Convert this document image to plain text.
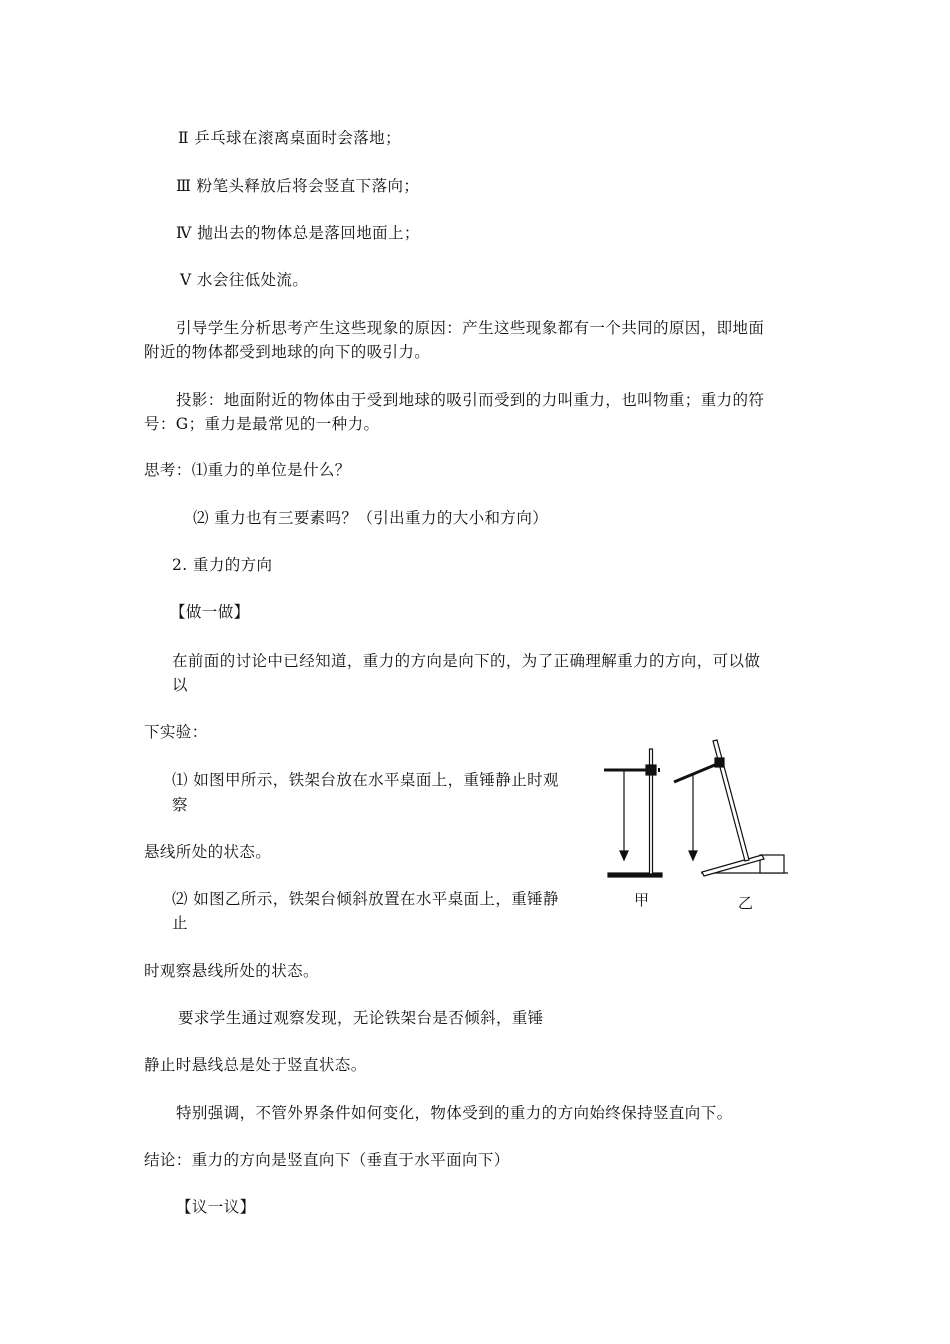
Ⅱ 乒乓球在滚离桌面时会落地；
Ⅲ 粉笔头释放后将会竖直下落向；
Ⅳ 抛出去的物体总是落回地面上；
Ⅴ 水会往低处流。
引导学生分析思考产生这些现象的原因：产生这些现象都有一个共同的原因，即地面
附近的物体都受到地球的向下的吸引力。
投影：地面附近的物体由于受到地球的吸引而受到的力叫重力，也叫物重；重力的符
号：G；重力是最常见的一种力。
思考：⑴重力的单位是什么？
⑵ 重力也有三要素吗？（引出重力的大小和方向）
2. 重力的方向
【做一做】
在前面的讨论中已经知道，重力的方向是向下的，为了正确理解重力的方向，可以做
以
下实验：
⑴ 如图甲所示，铁架台放在水平桌面上，重锤静止时观
察
悬线所处的状态。
⑵ 如图乙所示，铁架台倾斜放置在水平桌面上，重锤静
止
时观察悬线所处的状态。
要求学生通过观察发现，无论铁架台是否倾斜，重锤
静止时悬线总是处于竖直状态。
特别强调，不管外界条件如何变化，物体受到的重力的方向始终保持竖直向下。
结论：重力的方向是竖直向下（垂直于水平面向下）
【议一议】
甲	乙
